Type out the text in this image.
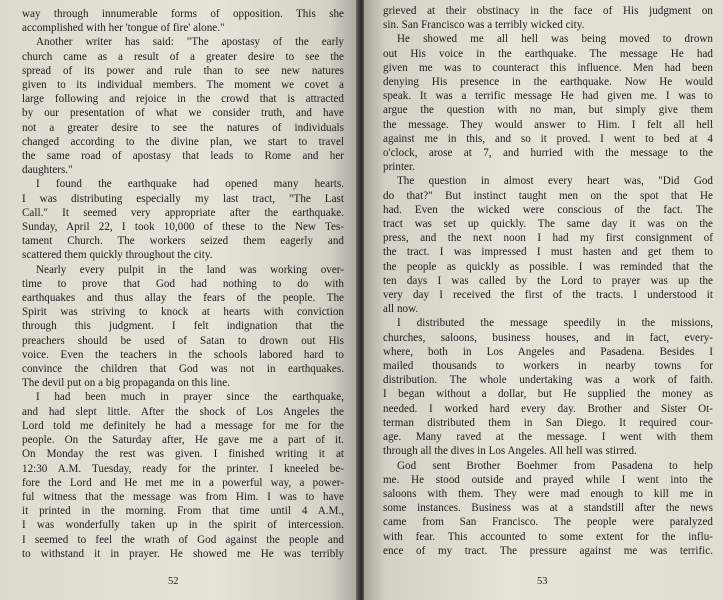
way through innumerable forms of opposition. This she
accomplished with her 'tongue of fire' alone."
Another writer has said: "The apostasy of the early
church came as a result of a greater desire to see the
spread of its power and rule than to see new natures
given to its individual members. The moment we covet a
large following and rejoice in the crowd that is attracted
by our presentation of what we consider truth, and have
not a greater desire to see the natures of individuals
changed according to the divine plan, we start to travel
the same road of apostasy that leads to Rome and her
daughters."
I found the earthquake had opened many hearts.
I was distributing especially my last tract, "The Last
Call." It seemed very appropriate after the earthquake.
Sunday, April 22, I took 10,000 of these to the New Tes-
tament Church. The workers seized them eagerly and
scattered them quickly throughout the city.
Nearly every pulpit in the land was working over-
time to prove that God had nothing to do with
earthquakes and thus allay the fears of the people. The
Spirit was striving to knock at hearts with conviction
through this judgment. I felt indignation that the
preachers should be used of Satan to drown out His
voice. Even the teachers in the schools labored hard to
convince the children that God was not in earthquakes.
The devil put on a big propaganda on this line.
I had been much in prayer since the earthquake,
and had slept little. After the shock of Los Angeles the
Lord told me definitely he had a message for me for the
people. On the Saturday after, He gave me a part of it.
On Monday the rest was given. I finished writing it at
12:30 A.M. Tuesday, ready for the printer. I kneeled be-
fore the Lord and He met me in a powerful way, a power-
ful witness that the message was from Him. I was to have
it printed in the morning. From that time until 4 A.M.,
I was wonderfully taken up in the spirit of intercession.
I seemed to feel the wrath of God against the people and
to withstand it in prayer. He showed me He was terribly
52
grieved at their obstinacy in the face of His judgment on
sin. San Francisco was a terribly wicked city.
He showed me all hell was being moved to drown
out His voice in the earthquake. The message He had
given me was to counteract this influence. Men had been
denying His presence in the earthquake. Now He would
speak. It was a terrific message He had given me. I was to
argue the question with no man, but simply give them
the message. They would answer to Him. I felt all hell
against me in this, and so it proved. I went to bed at 4
o'clock, arose at 7, and hurried with the message to the
printer.
The question in almost every heart was, "Did God
do that?" But instinct taught men on the spot that He
had. Even the wicked were conscious of the fact. The
tract was set up quickly. The same day it was on the
press, and the next noon I had my first consignment of
the tract. I was impressed I must hasten and get them to
the people as quickly as possible. I was reminded that the
ten days I was called by the Lord to prayer was up the
very day I received the first of the tracts. I understood it
all now.
I distributed the message speedily in the missions,
churches, saloons, business houses, and in fact, every-
where, both in Los Angeles and Pasadena. Besides I
mailed thousands to workers in nearby towns for
distribution. The whole undertaking was a work of faith.
I began without a dollar, but He supplied the money as
needed. I worked hard every day. Brother and Sister Ot-
terman distributed them in San Diego. It required cour-
age. Many raved at the message. I went with them
through all the dives in Los Angeles. All hell was stirred.
God sent Brother Boehmer from Pasadena to help
me. He stood outside and prayed while I went into the
saloons with them. They were mad enough to kill me in
some instances. Business was at a standstill after the news
came from San Francisco. The people were paralyzed
with fear. This accounted to some extent for the influ-
ence of my tract. The pressure against me was terrific.
53
